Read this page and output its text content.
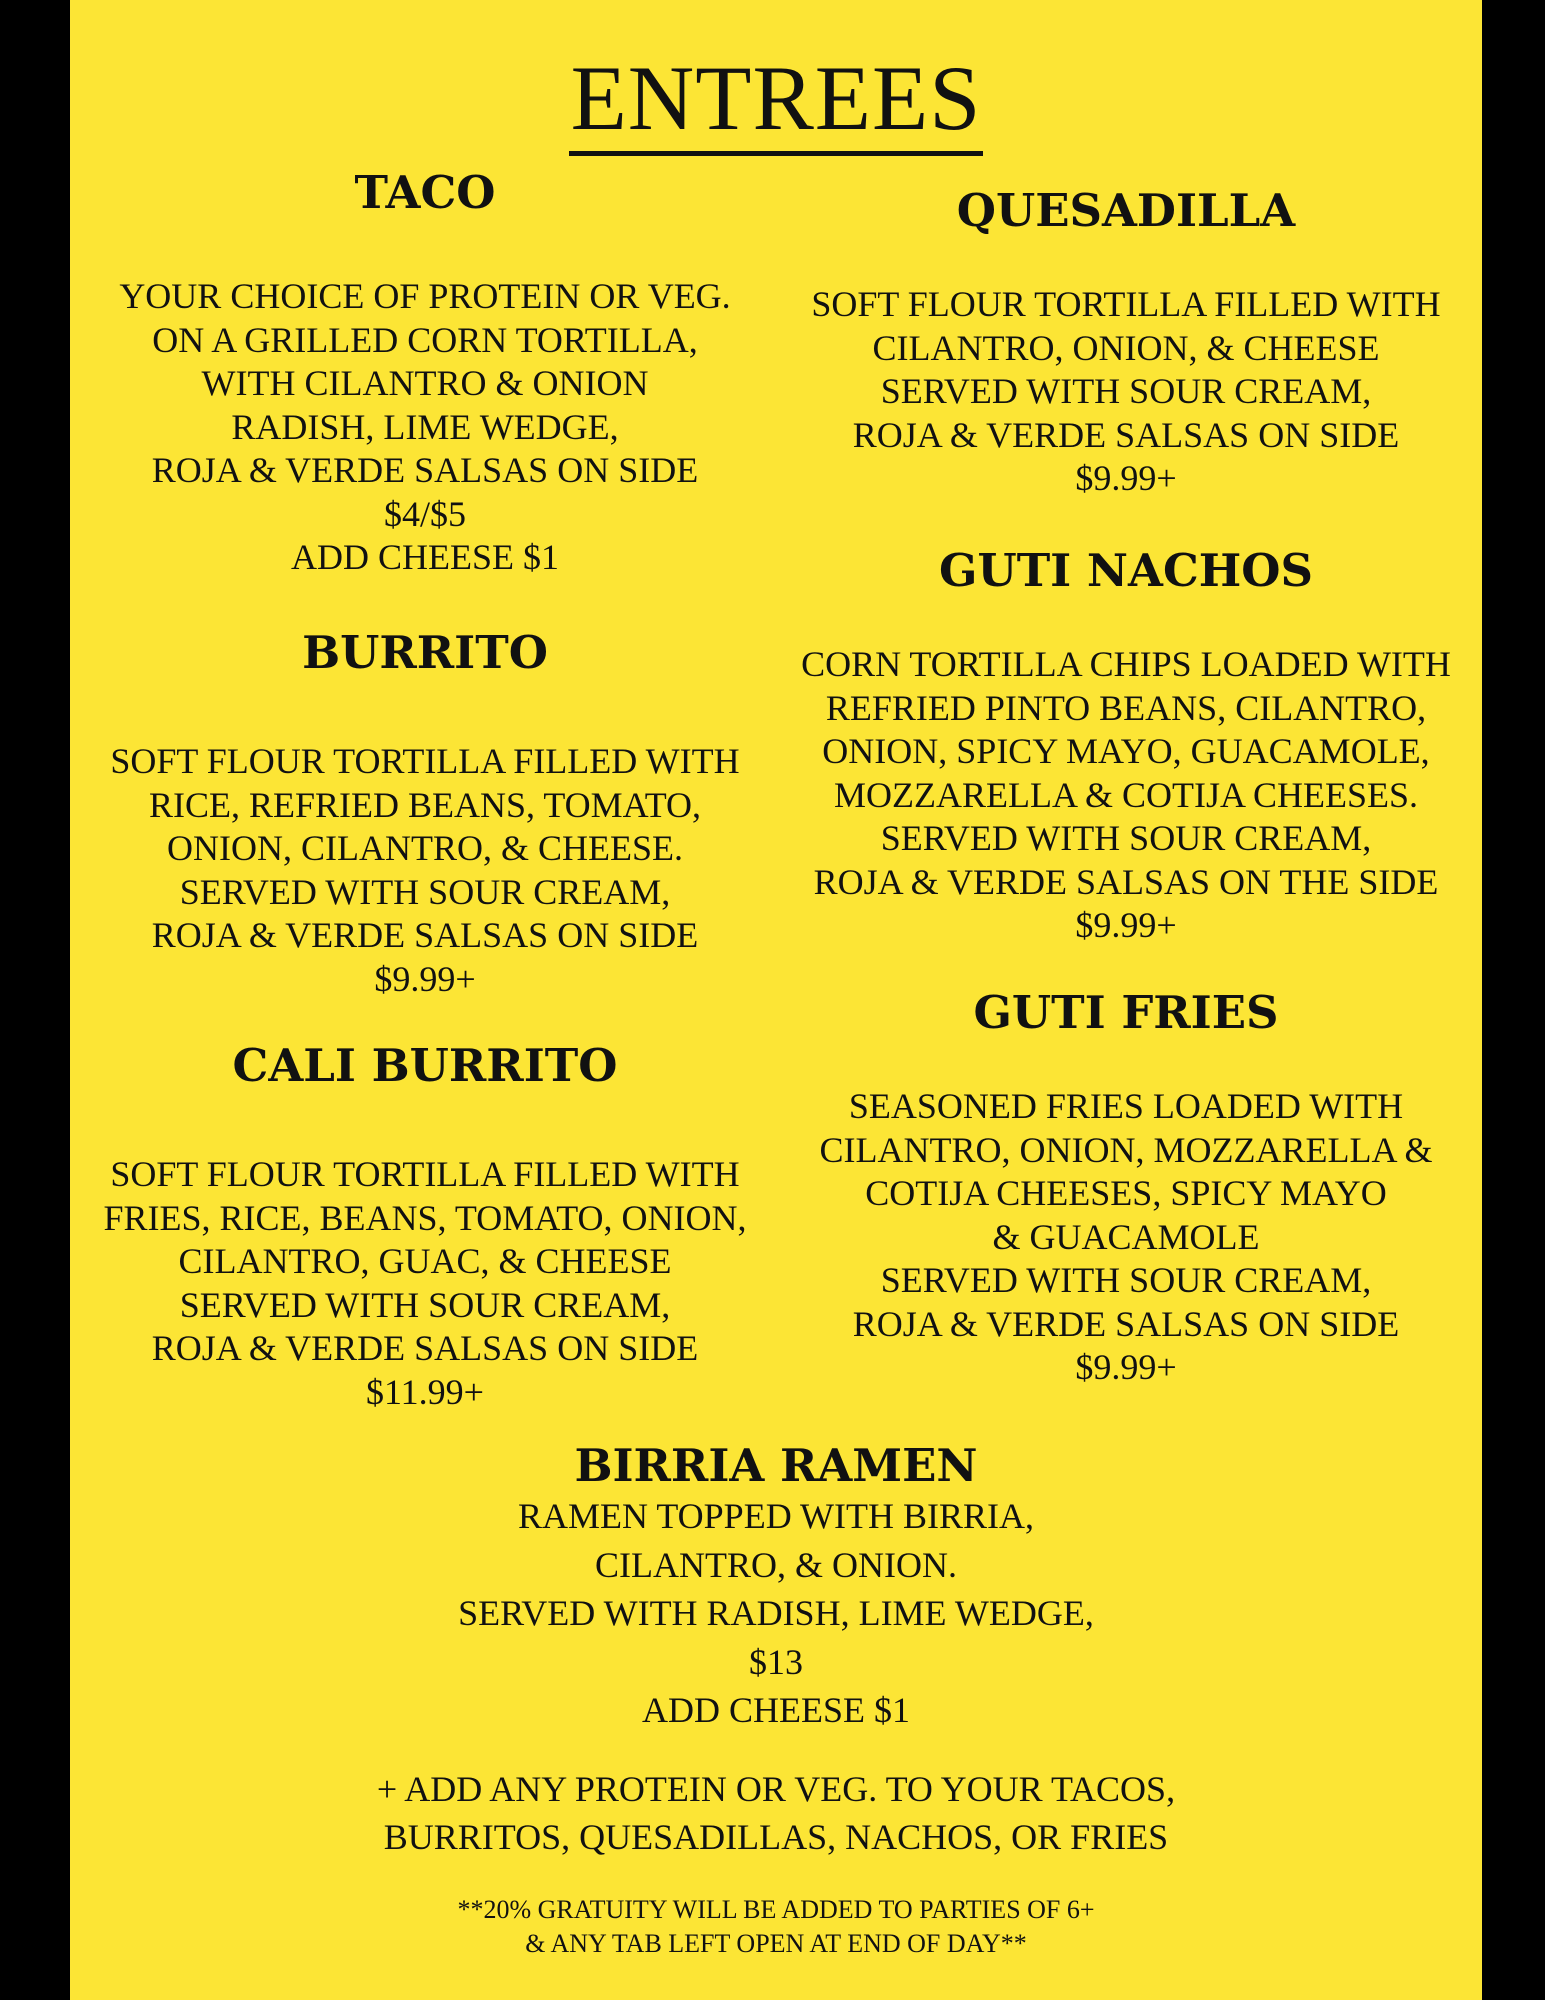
ENTREES

TACO

YOUR CHOICE OF PROTEIN OR VEG.
ON A GRILLED CORN TORTILLA,
WITH CILANTRO & ONION
RADISH, LIME WEDGE,
ROJA & VERDE SALSAS ON SIDE

$4/$5
ADD CHEESE $1

BURRITO

SOFT FLOUR TORTILLA FILLED WITH
RICE, REFRIED BEANS, TOMATO,
ONION, CILANTRO, & CHEESE.
SERVED WITH SOUR CREAM,
ROJA & VERDE SALSAS ON SIDE

$9.99+

CALI BURRITO

SOFT FLOUR TORTILLA FILLED WITH
FRIES, RICE, BEANS, TOMATO, ONION,
CILANTRO, GUAC, & CHEESE
SERVED WITH SOUR CREAM,
ROJA & VERDE SALSAS ON SIDE

$11.99+

QUESADILLA

SOFT FLOUR TORTILLA FILLED WITH
CILANTRO, ONION, & CHEESE
SERVED WITH SOUR CREAM,
ROJA & VERDE SALSAS ON SIDE

$9.99+

GUTI NACHOS

CORN TORTILLA CHIPS LOADED WITH
REFRIED PINTO BEANS, CILANTRO,
ONION, SPICY MAYO, GUACAMOLE,
MOZZARELLA & COTIJA CHEESES.
SERVED WITH SOUR CREAM,
ROJA & VERDE SALSAS ON THE SIDE

$9.99+

GUTI FRIES

SEASONED FRIES LOADED WITH
CILANTRO, ONION, MOZZARELLA &
COTIJA CHEESES, SPICY MAYO
& GUACAMOLE
SERVED WITH SOUR CREAM,
ROJA & VERDE SALSAS ON SIDE

$9.99+

BIRRIA RAMEN

RAMEN TOPPED WITH BIRRIA,
CILANTRO, & ONION.
SERVED WITH RADISH, LIME WEDGE,

$13
ADD CHEESE $1

+ ADD ANY PROTEIN OR VEG. TO YOUR TACOS,
BURRITOS, QUESADILLAS, NACHOS, OR FRIES
**20% GRATUITY WILL BE ADDED TO PARTIES OF 6+
& ANY TAB LEFT OPEN AT END OF DAY**
